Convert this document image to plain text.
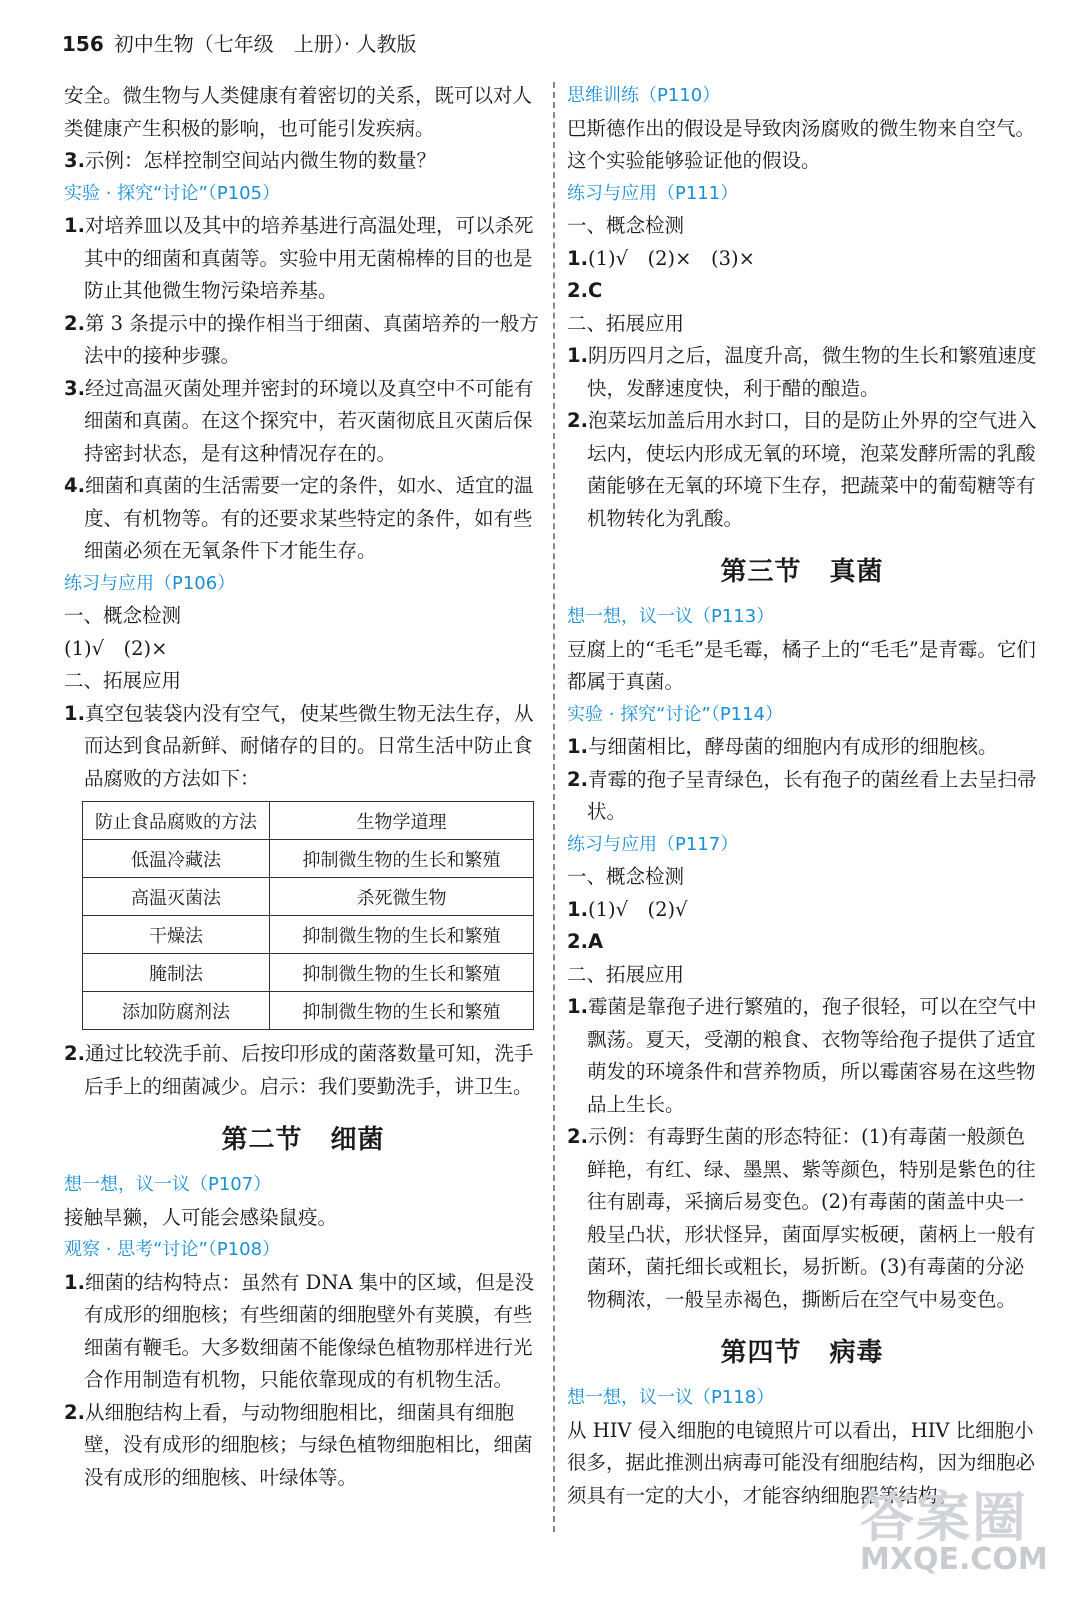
156 初中生物（七年级　上册）· 人教版

安全。微生物与人类健康有着密切的关系，既可以对人类健康产生积极的影响，也可能引发疾病。

3.示例：怎样控制空间站内微生物的数量？

实验 · 探究“讨论”（P105）

1.对培养皿以及其中的培养基进行高温处理，可以杀死其中的细菌和真菌等。实验中用无菌棉棒的目的也是防止其他微生物污染培养基。

2.第 3 条提示中的操作相当于细菌、真菌培养的一般方法中的接种步骤。

3.经过高温灭菌处理并密封的环境以及真空中不可能有细菌和真菌。在这个探究中，若灭菌彻底且灭菌后保持密封状态，是有这种情况存在的。

4.细菌和真菌的生活需要一定的条件，如水、适宜的温度、有机物等。有的还要求某些特定的条件，如有些细菌必须在无氧条件下才能生存。

练习与应用（P106）

一、概念检测

(1)√　(2)×

二、拓展应用

1.真空包装袋内没有空气，使某些微生物无法生存，从而达到食品新鲜、耐储存的目的。日常生活中防止食品腐败的方法如下：

防止食品腐败的方法	生物学道理
低温冷藏法	抑制微生物的生长和繁殖
高温灭菌法	杀死微生物
干燥法	抑制微生物的生长和繁殖
腌制法	抑制微生物的生长和繁殖
添加防腐剂法	抑制微生物的生长和繁殖

2.通过比较洗手前、后按印形成的菌落数量可知，洗手后手上的细菌减少。启示：我们要勤洗手，讲卫生。

第二节 细菌

想一想，议一议（P107）

接触旱獭，人可能会感染鼠疫。

观察 · 思考“讨论”（P108）

1.细菌的结构特点：虽然有 DNA 集中的区域，但是没有成形的细胞核；有些细菌的细胞壁外有荚膜，有些细菌有鞭毛。大多数细菌不能像绿色植物那样进行光合作用制造有机物，只能依靠现成的有机物生活。

2.从细胞结构上看，与动物细胞相比，细菌具有细胞壁，没有成形的细胞核；与绿色植物细胞相比，细菌没有成形的细胞核、叶绿体等。

思维训练（P110）

巴斯德作出的假设是导致肉汤腐败的微生物来自空气。这个实验能够验证他的假设。

练习与应用（P111）

一、概念检测

1.(1)√　(2)×　(3)×

2.C

二、拓展应用

1.阴历四月之后，温度升高，微生物的生长和繁殖速度快，发酵速度快，利于醋的酿造。

2.泡菜坛加盖后用水封口，目的是防止外界的空气进入坛内，使坛内形成无氧的环境，泡菜发酵所需的乳酸菌能够在无氧的环境下生存，把蔬菜中的葡萄糖等有机物转化为乳酸。

第三节 真菌

想一想，议一议（P113）

豆腐上的“毛毛”是毛霉，橘子上的“毛毛”是青霉。它们都属于真菌。

实验 · 探究“讨论”（P114）

1.与细菌相比，酵母菌的细胞内有成形的细胞核。

2.青霉的孢子呈青绿色，长有孢子的菌丝看上去呈扫帚状。

练习与应用（P117）

一、概念检测

1.(1)√　(2)√

2.A

二、拓展应用

1.霉菌是靠孢子进行繁殖的，孢子很轻，可以在空气中飘荡。夏天，受潮的粮食、衣物等给孢子提供了适宜萌发的环境条件和营养物质，所以霉菌容易在这些物品上生长。

2.示例：有毒野生菌的形态特征：(1)有毒菌一般颜色鲜艳，有红、绿、墨黑、紫等颜色，特别是紫色的往往有剧毒，采摘后易变色。(2)有毒菌的菌盖中央一般呈凸状，形状怪异，菌面厚实板硬，菌柄上一般有菌环，菌托细长或粗长，易折断。(3)有毒菌的分泌物稠浓，一般呈赤褐色，撕断后在空气中易变色。

第四节 病毒

想一想，议一议（P118）

从 HIV 侵入细胞的电镜照片可以看出，HIV 比细胞小很多，据此推测出病毒可能没有细胞结构，因为细胞必须具有一定的大小，才能容纳细胞器等结构。

答案圈
MXQE.COM
